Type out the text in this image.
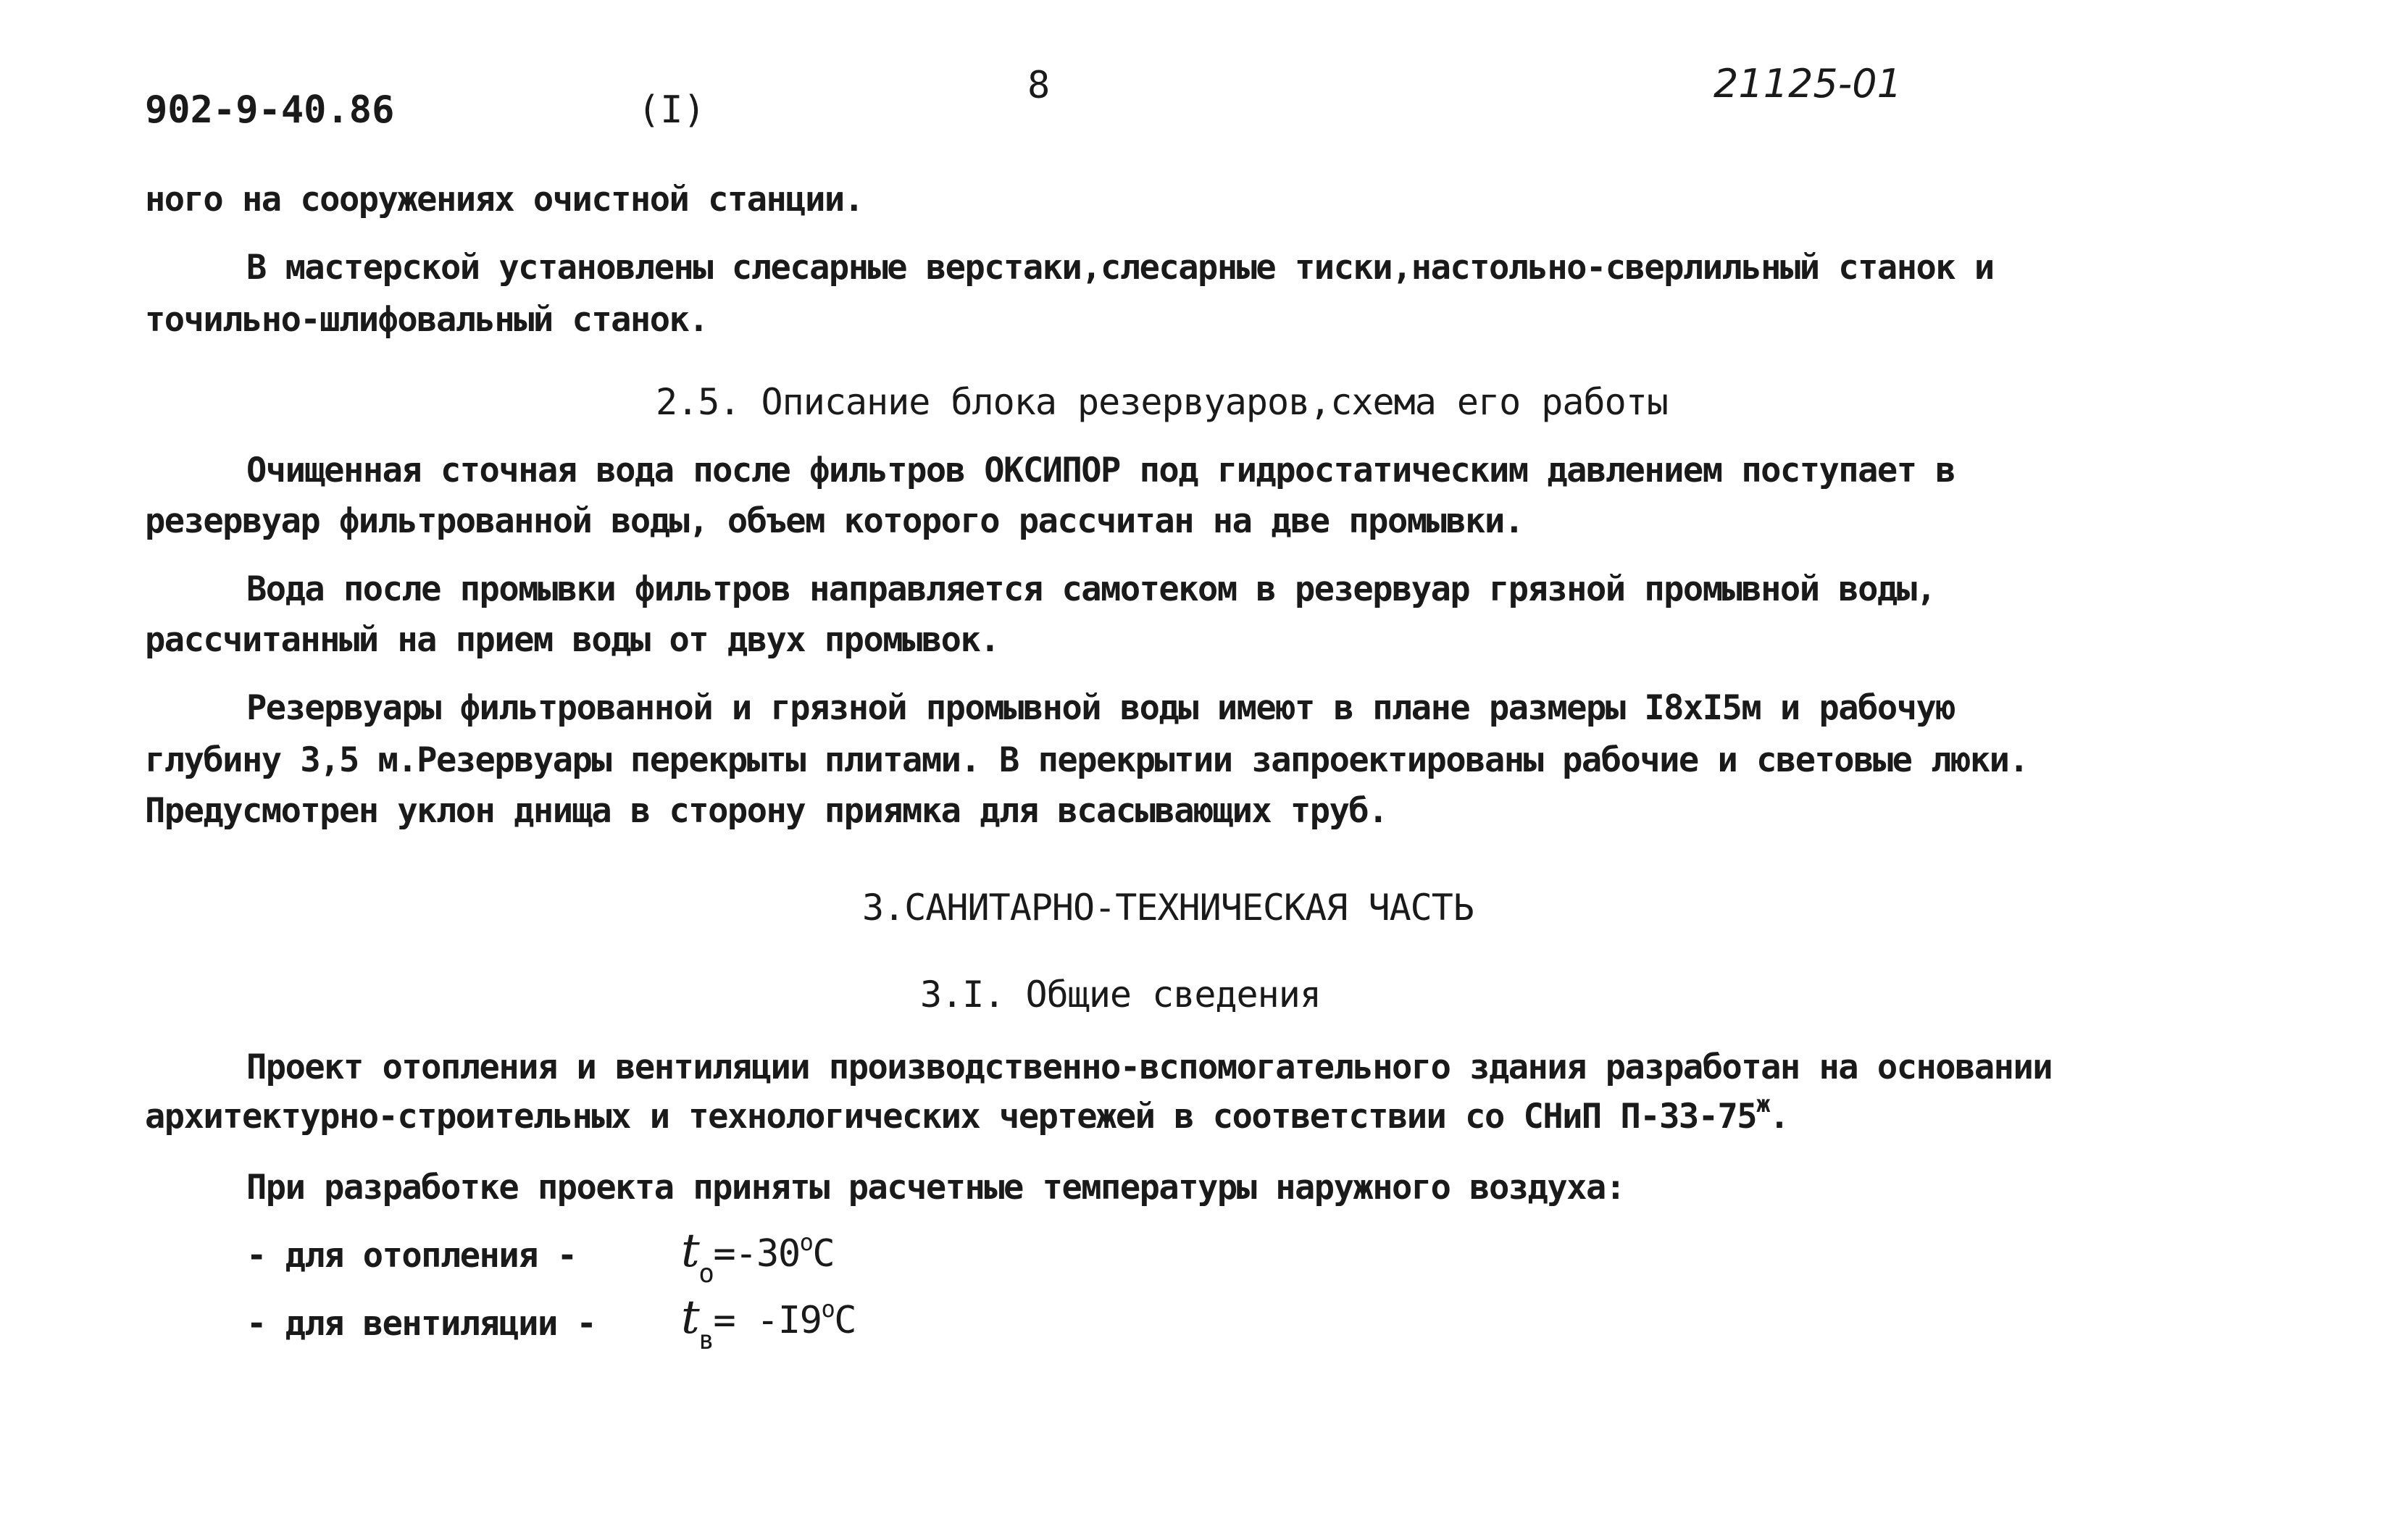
902-9-40.86	(I)
8	21125-01
ного на сооружениях очистной станции.
В мастерской установлены слесарные верстаки,слесарные тиски,настольно-сверлильный станок и
точильно-шлифовальный станок.
2.5. Описание блока резервуаров,схема его работы
Очищенная сточная вода после фильтров ОКСИПОР под гидростатическим давлением поступает в
резервуар фильтрованной воды, объем которого рассчитан на две промывки.
Вода после промывки фильтров направляется самотеком в резервуар грязной промывной воды,
рассчитанный на прием воды от двух промывок.
Резервуары фильтрованной и грязной промывной воды имеют в плане размеры I8xI5м и рабочую
глубину 3,5 м.Резервуары перекрыты плитами. В перекрытии запроектированы рабочие и световые люки.
Предусмотрен уклон днища в сторону приямка для всасывающих труб.
3.САНИТАРНО-ТЕХНИЧЕСКАЯ ЧАСТЬ
3.I. Общие сведения
Проект отопления и вентиляции производственно-вспомогательного здания разработан на основании
архитектурно-строительных и технологических чертежей в соответствии со СНиП $П-33-75^ж$.
При разработке проекта приняты расчетные температуры наружного воздуха:
- для отопления - $t_о=-30^оС$
- для вентиляции - $t_в= -I9^оС$
